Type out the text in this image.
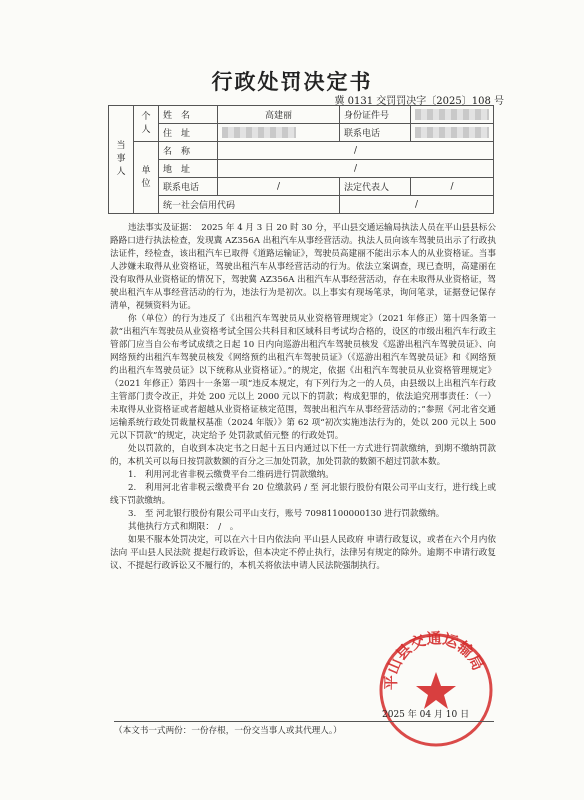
行政处罚决定书
冀 0131 交罚罚决字〔2025〕108 号
当事人	个人	姓　名	高建丽	身份证件号	
		住　址		联系电话	
	单位	名　称	/		
		地　址	/		
		联系电话	/	法定代表人	/
		统一社会信用代码		/	

违法事实及证据：　2025 年 4 月 3 日 20 时 30 分，平山县交通运输局执法人员在平山县县标公路路口进行执法检查，发现冀 AZ356A 出租汽车从事经营活动。执法人员向该车驾驶员出示了行政执法证件，经检查，该出租汽车已取得《道路运输证》，驾驶员高建丽不能出示本人的从业资格证。当事人涉嫌未取得从业资格证，驾驶出租汽车从事经营活动的行为。依法立案调查，现已查明，高建丽在没有取得从业资格证的情况下，驾驶冀 AZ356A 出租汽车从事经营活动，存在未取得从业资格证，驾驶出租汽车从事经营活动的行为，违法行为是初次。以上事实有现场笔录，询问笔录，证据登记保存清单，视频资料为证。

你（单位）的行为违反了《出租汽车驾驶员从业资格管理规定》（2021 年修正）第十四条第一款“出租汽车驾驶员从业资格考试全国公共科目和区域科目考试均合格的，设区的市级出租汽车行政主管部门应当自公布考试成绩之日起 10 日内向巡游出租汽车驾驶员核发《巡游出租汽车驾驶员证》、向网络预约出租汽车驾驶员核发《网络预约出租汽车驾驶员证》（《巡游出租汽车驾驶员证》和《网络预约出租汽车驾驶员证》以下统称从业资格证）。”的规定，依据《出租汽车驾驶员从业资格管理规定》（2021 年修正）第四十一条第一项“违反本规定，有下列行为之一的人员，由县级以上出租汽车行政主管部门责令改正，并处 200 元以上 2000 元以下的罚款；构成犯罪的，依法追究刑事责任：（一）未取得从业资格证或者超越从业资格证核定范围，驾驶出租汽车从事经营活动的；”参照《河北省交通运输系统行政处罚裁量权基准（2024 年版）》第 62 项“初次实施违法行为的，处以 200 元以上 500 元以下罚款”的规定，决定给予 处罚款贰佰元整 的行政处罚。

处以罚款的，自收到本决定书之日起十五日内通过以下任一方式进行罚款缴纳，到期不缴纳罚款的，本机关可以每日按罚款数额的百分之三加处罚款，加处罚款的数额不超过罚款本数。

1.　利用河北省非税云缴费平台二维码进行罚款缴纳。

2.　利用河北省非税云缴费平台 20 位缴款码 / 至 河北银行股份有限公司平山支行，进行线上或线下罚款缴纳。

3.　至 河北银行股份有限公司平山支行，账号 70981100000130 进行罚款缴纳。

其他执行方式和期限：　/　。

如果不服本处罚决定，可以在六十日内依法向 平山县人民政府 申请行政复议，或者在六个月内依法向 平山县人民法院 提起行政诉讼，但本决定不停止执行，法律另有规定的除外。逾期不申请行政复议、不提起行政诉讼又不履行的，本机关将依法申请人民法院强制执行。

平山县交通运输局
2025 年 04 月 10 日
（本文书一式两份：一份存根，一份交当事人或其代理人。）
